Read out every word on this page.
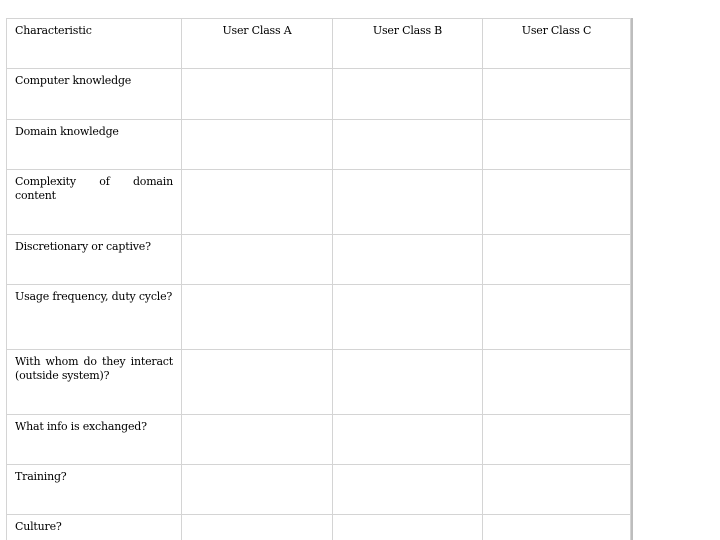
Characteristic	User Class A	User Class B	User Class C
Computer knowledge			
Domain knowledge			
Complexity of domain content			
Discretionary or captive?			
Usage frequency, duty cycle?			
With whom do they interact (outside system)?			
What info is exchanged?			
Training?			
Culture?			
